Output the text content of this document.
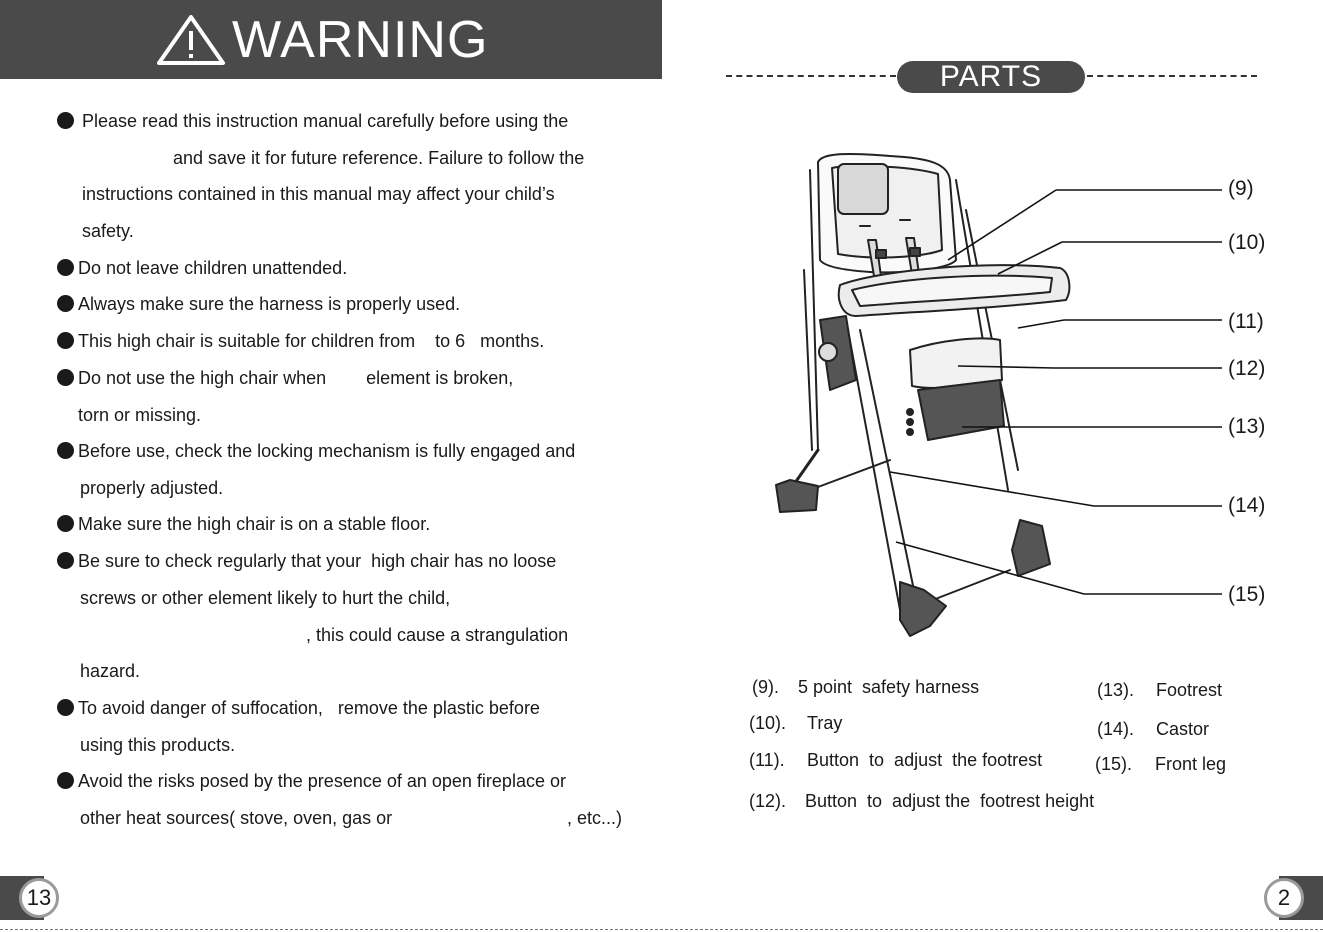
WARNING
Please read this instruction manual carefully before using the
and save it for future reference. Failure to follow the
instructions contained in this manual may affect your child’s
safety.
Do not leave children unattended.
Always make sure the harness is properly used.
This high chair is suitable for children from    to 6   months.
Do not use the high chair when        element is broken,
torn or missing.
Before use, check the locking mechanism is fully engaged and
properly adjusted.
Make sure the high chair is on a stable floor.
Be sure to check regularly that your  high chair has no loose
screws or other element likely to hurt the child,
, this could cause a strangulation
hazard.
To avoid danger of suffocation,   remove the plastic before
using this products.
Avoid the risks posed by the presence of an open fireplace or
other heat sources( stove, oven, gas or	, etc...)
PARTS
(9)
(10)
(11)
(12)
(13)
(14)
(15)
(9). 5 point  safety harness
(10). Tray
(11). Button  to  adjust  the footrest
(12). Button  to  adjust the  footrest height
(13). Footrest
(14). Castor
(15). Front leg
13	2
